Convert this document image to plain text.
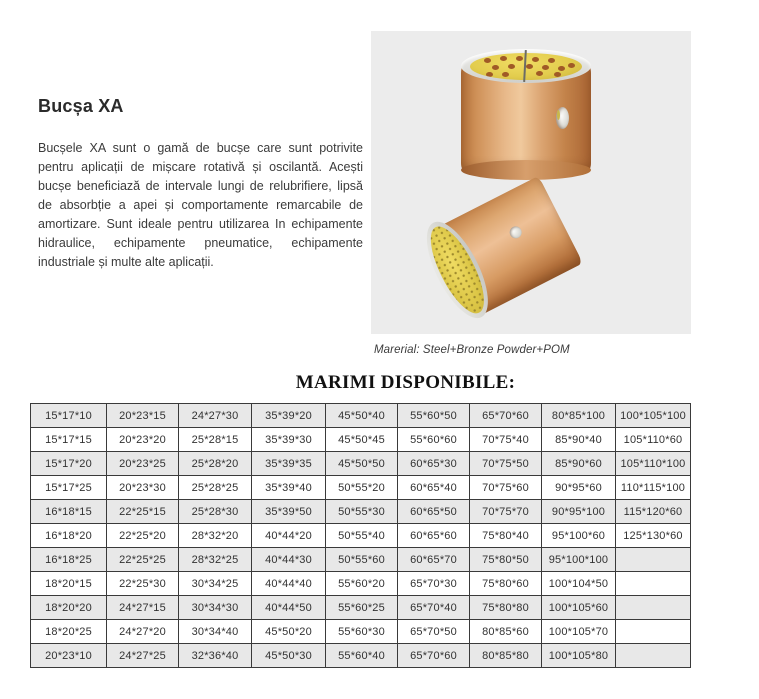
Bucșa XA

Bucșele XA sunt o gamă de bucșe care sunt potrivite pentru aplicații de mișcare rotativă și oscilantă. Acești bucșe beneficiază de intervale lungi de relubrifiere, lipsă de absorbție a apei și comportamente remarcabile de amortizare. Sunt ideale pentru utilizarea In echipamente hidraulice, echipamente pneumatice, echipamente industriale și multe alte aplicații.

Marerial: Steel+Bronze Powder+POM
MARIMI DISPONIBILE:
15*17*10	20*23*15	24*27*30	35*39*20	45*50*40	55*60*50	65*70*60	80*85*100	100*105*100
15*17*15	20*23*20	25*28*15	35*39*30	45*50*45	55*60*60	70*75*40	85*90*40	105*110*60
15*17*20	20*23*25	25*28*20	35*39*35	45*50*50	60*65*30	70*75*50	85*90*60	105*110*100
15*17*25	20*23*30	25*28*25	35*39*40	50*55*20	60*65*40	70*75*60	90*95*60	110*115*100
16*18*15	22*25*15	25*28*30	35*39*50	50*55*30	60*65*50	70*75*70	90*95*100	115*120*60
16*18*20	22*25*20	28*32*20	40*44*20	50*55*40	60*65*60	75*80*40	95*100*60	125*130*60
16*18*25	22*25*25	28*32*25	40*44*30	50*55*60	60*65*70	75*80*50	95*100*100	
18*20*15	22*25*30	30*34*25	40*44*40	55*60*20	65*70*30	75*80*60	100*104*50	
18*20*20	24*27*15	30*34*30	40*44*50	55*60*25	65*70*40	75*80*80	100*105*60	
18*20*25	24*27*20	30*34*40	45*50*20	55*60*30	65*70*50	80*85*60	100*105*70	
20*23*10	24*27*25	32*36*40	45*50*30	55*60*40	65*70*60	80*85*80	100*105*80	
